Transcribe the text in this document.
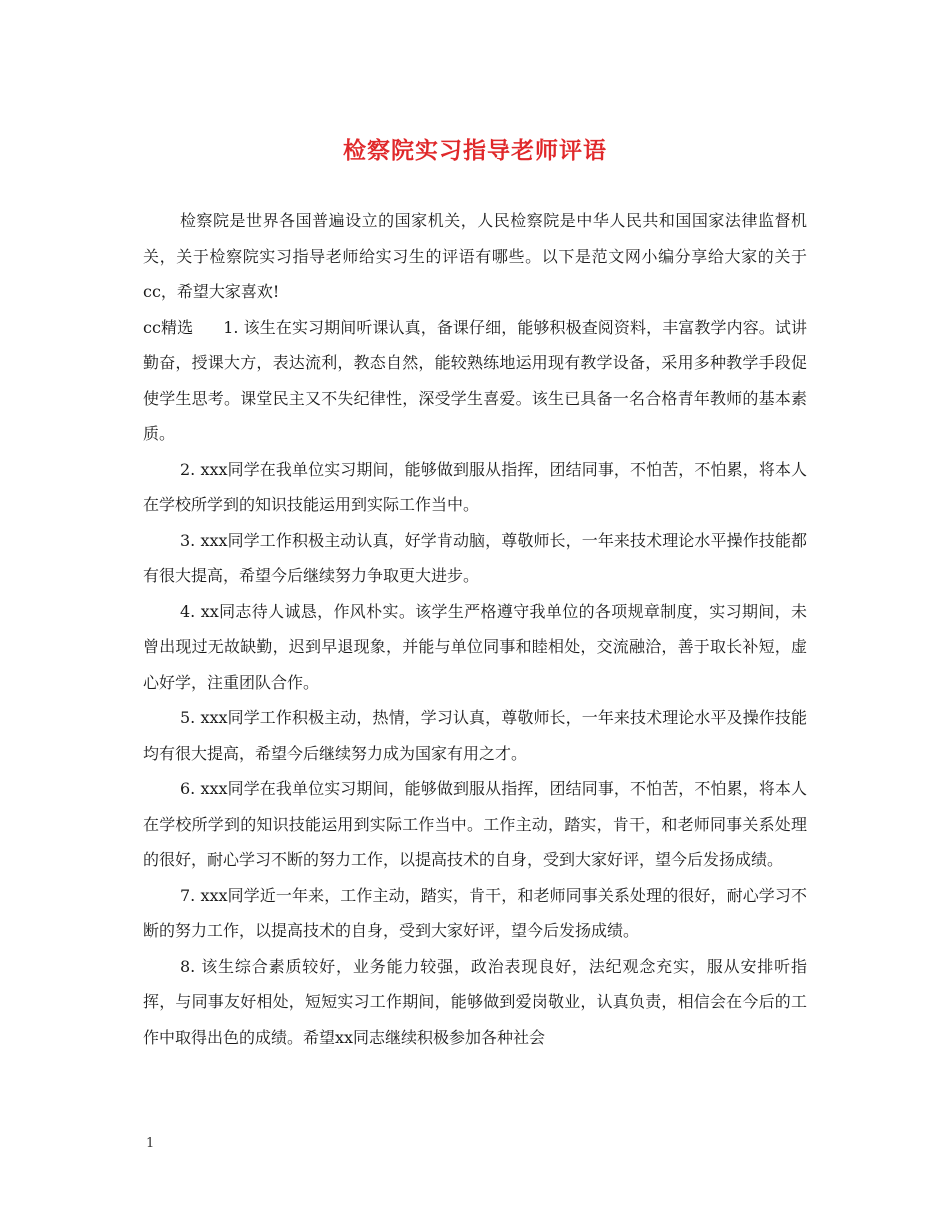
检察院实习指导老师评语

检察院是世界各国普遍设立的国家机关，人民检察院是中华人民共和国国家法律监督机关，关于检察院实习指导老师给实习生的评语有哪些。以下是范文网小编分享给大家的关于cc，希望大家喜欢!

cc精选 1. 该生在实习期间听课认真，备课仔细，能够积极查阅资料，丰富教学内容。试讲勤奋，授课大方，表达流利，教态自然，能较熟练地运用现有教学设备，采用多种教学手段促使学生思考。课堂民主又不失纪律性，深受学生喜爱。该生已具备一名合格青年教师的基本素质。

2. xxx同学在我单位实习期间，能够做到服从指挥，团结同事，不怕苦，不怕累，将本人在学校所学到的知识技能运用到实际工作当中。

3. xxx同学工作积极主动认真，好学肯动脑，尊敬师长，一年来技术理论水平操作技能都有很大提高，希望今后继续努力争取更大进步。

4. xx同志待人诚恳，作风朴实。该学生严格遵守我单位的各项规章制度，实习期间，未曾出现过无故缺勤，迟到早退现象，并能与单位同事和睦相处，交流融洽，善于取长补短，虚心好学，注重团队合作。

5. xxx同学工作积极主动，热情，学习认真，尊敬师长，一年来技术理论水平及操作技能均有很大提高，希望今后继续努力成为国家有用之才。

6. xxx同学在我单位实习期间，能够做到服从指挥，团结同事，不怕苦，不怕累，将本人在学校所学到的知识技能运用到实际工作当中。工作主动，踏实，肯干，和老师同事关系处理的很好，耐心学习不断的努力工作，以提高技术的自身，受到大家好评，望今后发扬成绩。

7. xxx同学近一年来，工作主动，踏实，肯干，和老师同事关系处理的很好，耐心学习不断的努力工作，以提高技术的自身，受到大家好评，望今后发扬成绩。

8. 该生综合素质较好，业务能力较强，政治表现良好，法纪观念充实，服从安排听指挥，与同事友好相处，短短实习工作期间，能够做到爱岗敬业，认真负责，相信会在今后的工作中取得出色的成绩。希望xx同志继续积极参加各种社会

1
